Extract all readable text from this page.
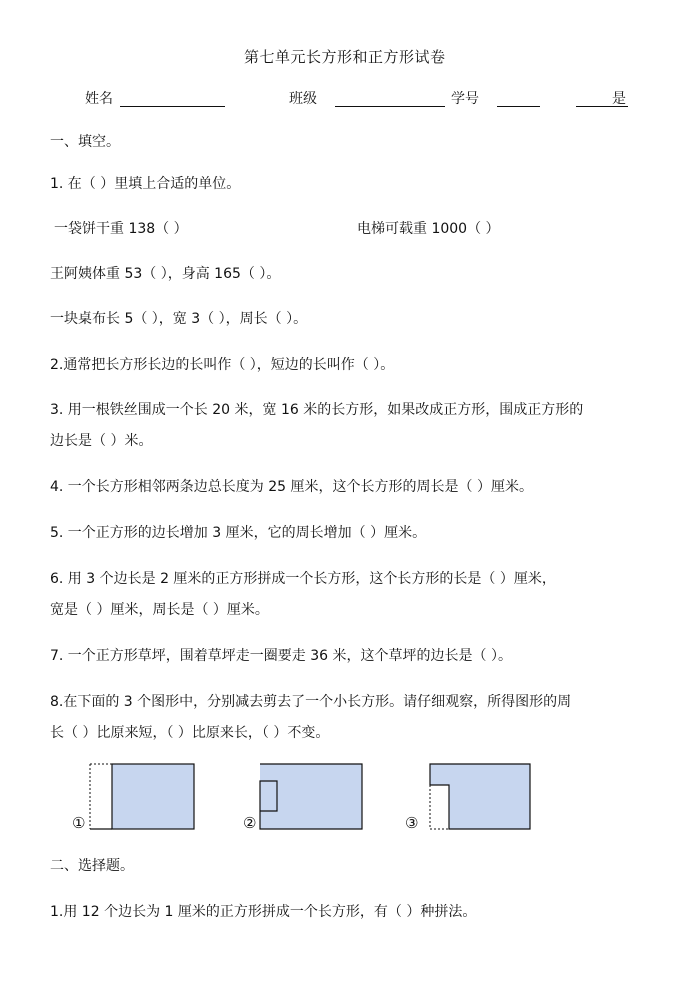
第七单元长方形和正方形试卷
姓名	班级	学号	是
一、填空。
1. 在（ ）里填上合适的单位。
一袋饼干重 138（ ）	电梯可载重 1000（ ）
王阿姨体重 53（ ），身高 165（ ）。
一块桌布长 5（ ），宽 3（ ），周长（ ）。
2.通常把长方形长边的长叫作（ ），短边的长叫作（ ）。
3. 用一根铁丝围成一个长 20 米，宽 16 米的长方形，如果改成正方形，围成正方形的
边长是（ ）米。
4. 一个长方形相邻两条边总长度为 25 厘米，这个长方形的周长是（ ）厘米。
5. 一个正方形的边长增加 3 厘米，它的周长增加（ ）厘米。
6. 用 3 个边长是 2 厘米的正方形拼成一个长方形，这个长方形的长是（ ）厘米，
宽是（ ）厘米，周长是（ ）厘米。
7. 一个正方形草坪，围着草坪走一圈要走 36 米，这个草坪的边长是（ ）。
8.在下面的 3 个图形中，分别减去剪去了一个小长方形。请仔细观察，所得图形的周
长（ ）比原来短，（ ）比原来长，（ ）不变。
①	②	③
二、选择题。
1.用 12 个边长为 1 厘米的正方形拼成一个长方形，有（ ）种拼法。
